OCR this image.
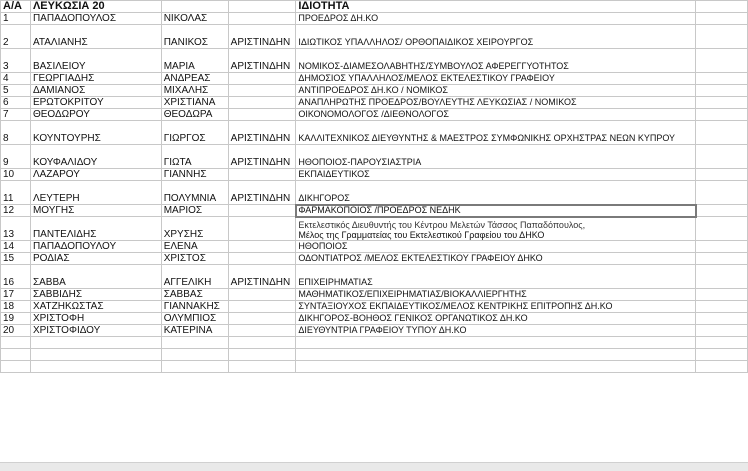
Α/Α	ΛΕΥΚΩΣΙΑ 20			ΙΔΙΟΤΗΤΑ	
1	ΠΑΠΑΔΟΠΟΥΛΟΣ	ΝΙΚΟΛΑΣ		ΠΡΟΕΔΡΟΣ ΔΗ.ΚΟ	
2	ΑΤΑΛΙΑΝΗΣ	ΠΑΝΙΚΟΣ	ΑΡΙΣΤΙΝΔΗΝ	ΙΔΙΩΤΙΚΟΣ ΥΠΑΛΛΗΛΟΣ/ ΟΡΘΟΠΑΙΔΙΚΟΣ ΧΕΙΡΟΥΡΓΟΣ	
3	ΒΑΣΙΛΕΙΟΥ	ΜΑΡΙΑ	ΑΡΙΣΤΙΝΔΗΝ	ΝΟΜΙΚΟΣ-ΔΙΑΜΕΣΟΛΑΒΗΤΗΣ/ΣΥΜΒΟΥΛΟΣ ΑΦΕΡΕΓΓΥΟΤΗΤΟΣ	
4	ΓΕΩΡΓΙΑΔΗΣ	ΑΝΔΡΕΑΣ		ΔΗΜΟΣΙΟΣ ΥΠΑΛΛΗΛΟΣ/ΜΕΛΟΣ ΕΚΤΕΛΕΣΤΙΚΟΥ ΓΡΑΦΕΙΟΥ	
5	ΔΑΜΙΑΝΟΣ	ΜΙΧΑΛΗΣ		ΑΝΤΙΠΡΟΕΔΡΟΣ ΔΗ.ΚΟ / ΝΟΜΙΚΟΣ	
6	ΕΡΩΤΟΚΡΙΤΟΥ	ΧΡΙΣΤΙΑΝΑ		ΑΝΑΠΛΗΡΩΤΗΣ ΠΡΟΕΔΡΟΣ/ΒΟΥΛΕΥΤΗΣ ΛΕΥΚΩΣΙΑΣ / ΝΟΜΙΚΟΣ	
7	ΘΕΟΔΩΡΟΥ	ΘΕΟΔΩΡΑ		ΟΙΚΟΝΟΜΟΛΟΓΟΣ /ΔΙΕΘΝΟΛΟΓΟΣ	
8	ΚΟΥΝΤΟΥΡΗΣ	ΓΙΩΡΓΟΣ	ΑΡΙΣΤΙΝΔΗΝ	ΚΑΛΛΙΤΕΧΝΙΚΟΣ ΔΙΕΥΘΥΝΤΗΣ & ΜΑΕΣΤΡΟΣ ΣΥΜΦΩΝΙΚΗΣ ΟΡΧΗΣΤΡΑΣ ΝΕΩΝ ΚΥΠΡΟΥ	
9	ΚΟΥΦΑΛΙΔΟΥ	ΓΙΩΤΑ	ΑΡΙΣΤΙΝΔΗΝ	ΗΘΟΠΟΙΟΣ-ΠΑΡΟΥΣΙΑΣΤΡΙΑ	
10	ΛΑΖΑΡΟΥ	ΓΙΑΝΝΗΣ		ΕΚΠΑΙΔΕΥΤΙΚΟΣ	
11	ΛΕΥΤΕΡΗ	ΠΟΛΥΜΝΙΑ	ΑΡΙΣΤΙΝΔΗΝ	ΔΙΚΗΓΟΡΟΣ	
12	ΜΟΥΓΗΣ	ΜΑΡΙΟΣ		ΦΑΡΜΑΚΟΠΟΙΟΣ /ΠΡΟΕΔΡΟΣ ΝΕΔΗΚ	
13	ΠΑΝΤΕΛΙΔΗΣ	ΧΡΥΣΗΣ		Εκτελεστικός Διευθυντής του Κέντρου Μελετών Τάσσος Παπαδόπουλος,
Μέλος της Γραμματείας του Εκτελεστικού Γραφείου του ΔΗΚΟ	

14	ΠΑΠΑΔΟΠΟΥΛΟΥ	ΕΛΕΝΑ		ΗΘΟΠΟΙΟΣ	
15	ΡΟΔΙΑΣ	ΧΡΙΣΤΟΣ		ΟΔΟΝΤΙΑΤΡΟΣ /ΜΕΛΟΣ ΕΚΤΕΛΕΣΤΙΚΟΥ ΓΡΑΦΕΙΟΥ ΔΗΚΟ	
16	ΣΑΒΒΑ	ΑΓΓΕΛΙΚΗ	ΑΡΙΣΤΙΝΔΗΝ	ΕΠΙΧΕΙΡΗΜΑΤΙΑΣ	
17	ΣΑΒΒΙΔΗΣ	ΣΑΒΒΑΣ		ΜΑΘΗΜΑΤΙΚΟΣ/ΕΠΙΧΕΙΡΗΜΑΤΙΑΣ/ΒΙΟΚΑΛΛΙΕΡΓΗΤΗΣ	
18	ΧΑΤΖΗΚΩΣΤΑΣ	ΓΙΑΝΝΑΚΗΣ		ΣΥΝΤΑΞΙΟΥΧΟΣ ΕΚΠΑΙΔΕΥΤΙΚΟΣ/ΜΕΛΟΣ ΚΕΝΤΡΙΚΗΣ ΕΠΙΤΡΟΠΗΣ ΔΗ.ΚΟ	
19	ΧΡΙΣΤΟΦΗ	ΟΛΥΜΠΙΟΣ		ΔΙΚΗΓΟΡΟΣ-ΒΟΗΘΟΣ ΓΕΝΙΚΟΣ ΟΡΓΑΝΩΤΙΚΟΣ ΔΗ.ΚΟ	
20	ΧΡΙΣΤΟΦΙΔΟΥ	ΚΑΤΕΡΙΝΑ		ΔΙΕΥΘΥΝΤΡΙΑ ΓΡΑΦΕΙΟΥ ΤΥΠΟΥ ΔΗ.ΚΟ	
